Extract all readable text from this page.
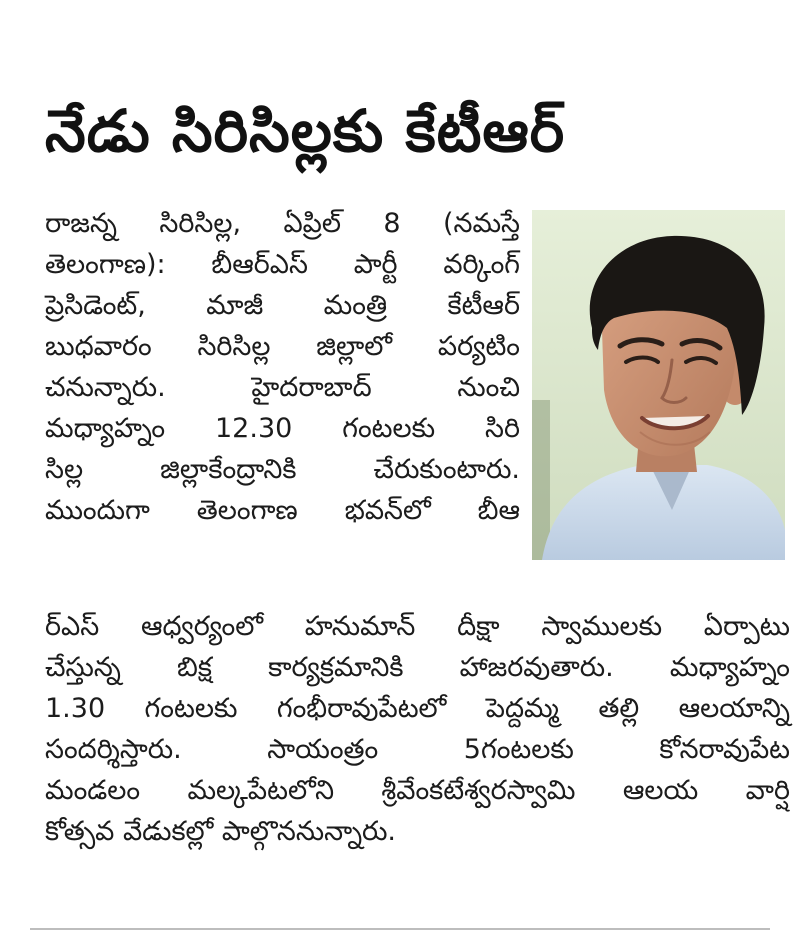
నేడు సిరిసిల్లకు కేటీఆర్
రాజన్న సిరిసిల్ల, ఏప్రిల్ 8 (నమస్తే
తెలంగాణ): బీఆర్ఎస్ పార్టీ వర్కింగ్
ప్రెసిడెంట్, మాజీ మంత్రి కేటీఆర్
బుధవారం సిరిసిల్ల జిల్లాలో పర్యటిం
చనున్నారు. హైదరాబాద్ నుంచి
మధ్యాహ్నం 12.30 గంటలకు సిరి
సిల్ల జిల్లాకేంద్రానికి చేరుకుంటారు.
ముందుగా తెలంగాణ భవన్‌లో బీఆ
ర్ఎస్ ఆధ్వర్యంలో హనుమాన్ దీక్షా స్వాములకు ఏర్పాటు
చేస్తున్న బిక్ష కార్యక్రమానికి హాజరవుతారు. మధ్యాహ్నం
1.30 గంటలకు గంభీరావుపేటలో పెద్దమ్మ తల్లి ఆలయాన్ని
సందర్శిస్తారు. సాయంత్రం 5గంటలకు కోనరావుపేట
మండలం మల్కపేటలోని శ్రీవేంకటేశ్వరస్వామి ఆలయ వార్షి
కోత్సవ వేడుకల్లో పాల్గొననున్నారు.
